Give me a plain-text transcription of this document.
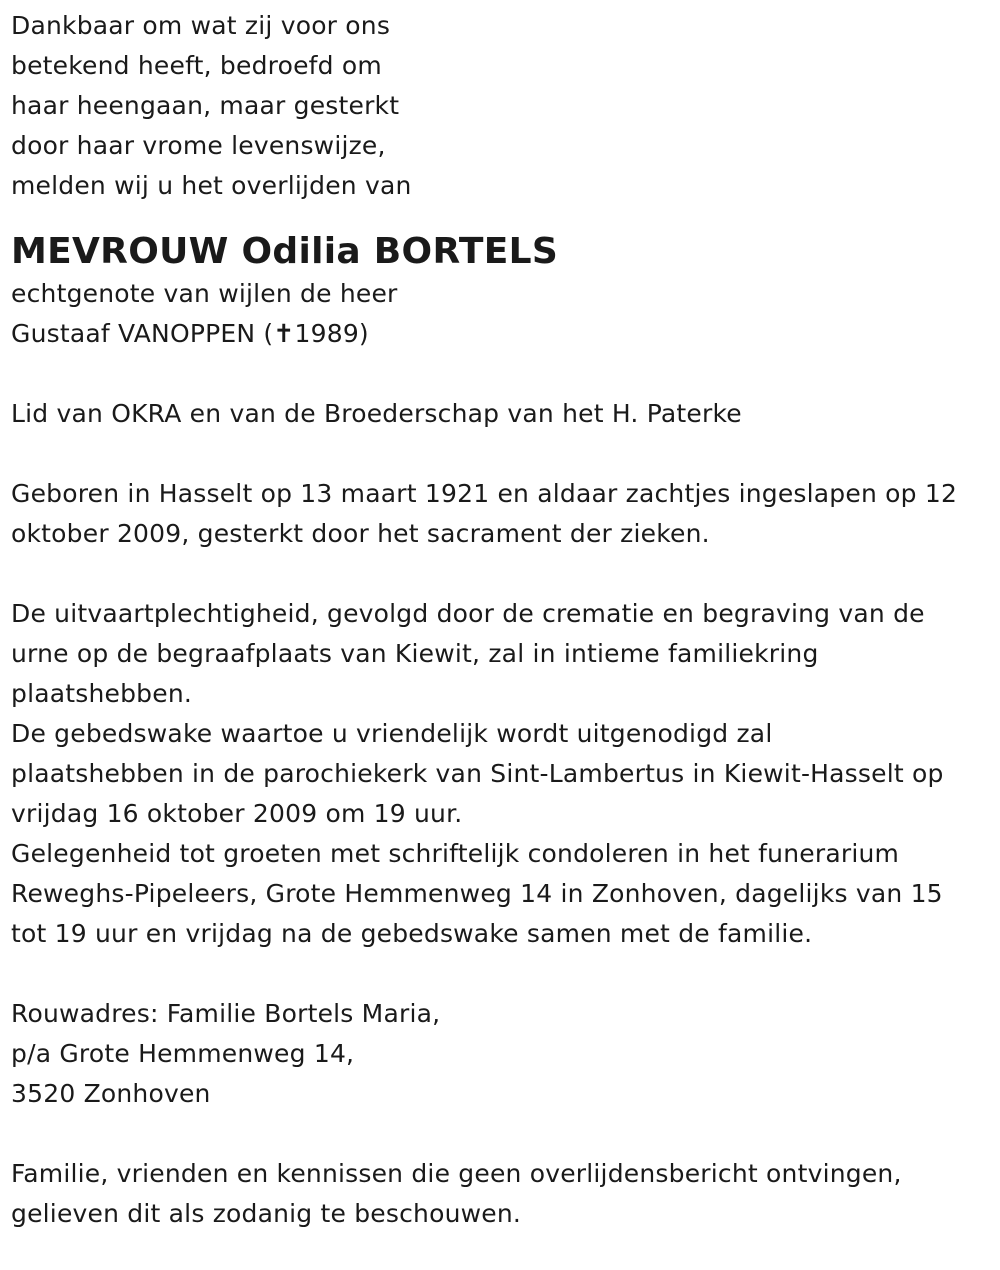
Dankbaar om wat zij voor ons
betekend heeft, bedroefd om
haar heengaan, maar gesterkt
door haar vrome levenswijze,
melden wij u het overlijden van
MEVROUW Odilia BORTELS
echtgenote van wijlen de heer
Gustaaf VANOPPEN (✝1989)
Lid van OKRA en van de Broederschap van het H. Paterke
Geboren in Hasselt op 13 maart 1921 en aldaar zachtjes ingeslapen op 12
oktober 2009, gesterkt door het sacrament der zieken.
De uitvaartplechtigheid, gevolgd door de crematie en begraving van de
urne op de begraafplaats van Kiewit, zal in intieme familiekring
plaatshebben.
De gebedswake waartoe u vriendelijk wordt uitgenodigd zal
plaatshebben in de parochiekerk van Sint-Lambertus in Kiewit-Hasselt op
vrijdag 16 oktober 2009 om 19 uur.
Gelegenheid tot groeten met schriftelijk condoleren in het funerarium
Reweghs-Pipeleers, Grote Hemmenweg 14 in Zonhoven, dagelijks van 15
tot 19 uur en vrijdag na de gebedswake samen met de familie.
Rouwadres: Familie Bortels Maria,
p/a Grote Hemmenweg 14,
3520 Zonhoven
Familie, vrienden en kennissen die geen overlijdensbericht ontvingen,
gelieven dit als zodanig te beschouwen.
